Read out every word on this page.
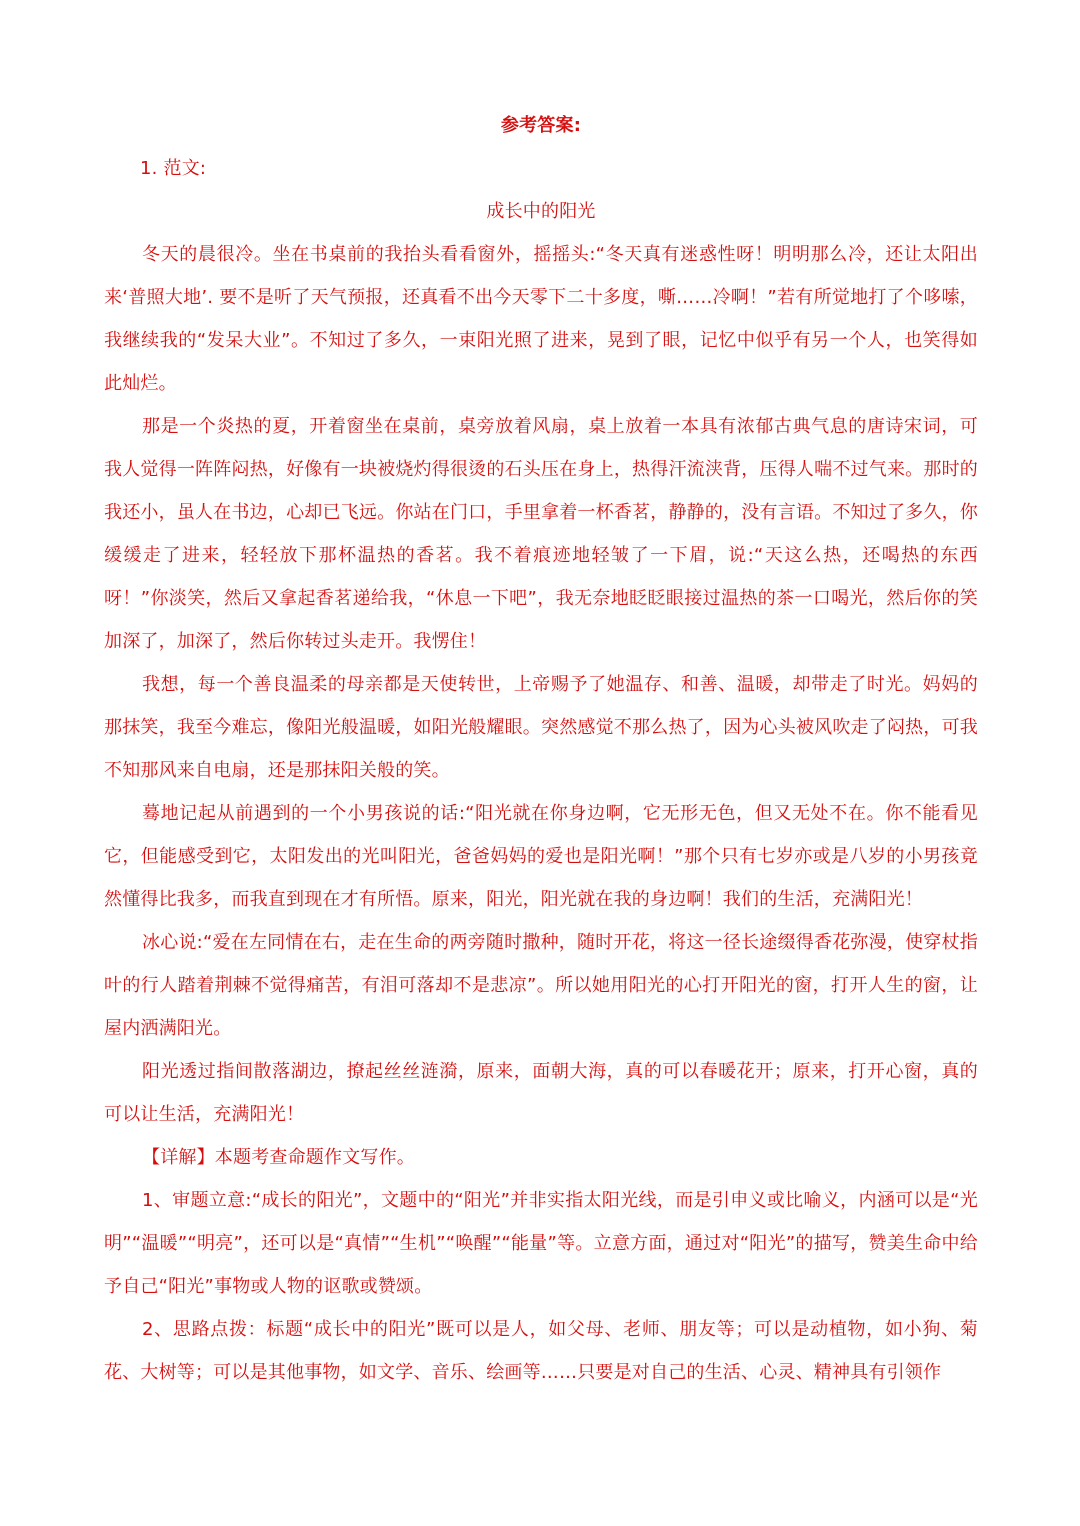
参考答案:

1. 范文:

成长中的阳光

冬天的晨很冷。坐在书桌前的我抬头看看窗外，摇摇头:“冬天真有迷惑性呀！明明那么冷，还让太阳出来‘普照大地’. 要不是听了天气预报，还真看不出今天零下二十多度，嘶……冷啊！”若有所觉地打了个哆嗦，我继续我的“发呆大业”。不知过了多久，一束阳光照了进来，晃到了眼，记忆中似乎有另一个人，也笑得如此灿烂。

那是一个炎热的夏，开着窗坐在桌前，桌旁放着风扇，桌上放着一本具有浓郁古典气息的唐诗宋词，可我人觉得一阵阵闷热，好像有一块被烧灼得很烫的石头压在身上，热得汗流浃背，压得人喘不过气来。那时的我还小，虽人在书边，心却已飞远。你站在门口，手里拿着一杯香茗，静静的，没有言语。不知过了多久，你缓缓走了进来，轻轻放下那杯温热的香茗。我不着痕迹地轻皱了一下眉，说:“天这么热，还喝热的东西呀！”你淡笑，然后又拿起香茗递给我，“休息一下吧”，我无奈地眨眨眼接过温热的茶一口喝光，然后你的笑加深了，加深了，然后你转过头走开。我愣住！

我想，每一个善良温柔的母亲都是天使转世，上帝赐予了她温存、和善、温暖，却带走了时光。妈妈的那抹笑，我至今难忘，像阳光般温暖，如阳光般耀眼。突然感觉不那么热了，因为心头被风吹走了闷热，可我不知那风来自电扇，还是那抹阳关般的笑。

蓦地记起从前遇到的一个小男孩说的话:“阳光就在你身边啊，它无形无色，但又无处不在。你不能看见它，但能感受到它，太阳发出的光叫阳光，爸爸妈妈的爱也是阳光啊！”那个只有七岁亦或是八岁的小男孩竟然懂得比我多，而我直到现在才有所悟。原来，阳光，阳光就在我的身边啊！我们的生活，充满阳光！

冰心说:“爱在左同情在右，走在生命的两旁随时撒种，随时开花，将这一径长途缀得香花弥漫，使穿杖指叶的行人踏着荆棘不觉得痛苦，有泪可落却不是悲凉”。所以她用阳光的心打开阳光的窗，打开人生的窗，让屋内洒满阳光。

阳光透过指间散落湖边，撩起丝丝涟漪，原来，面朝大海，真的可以春暖花开；原来，打开心窗，真的可以让生活，充满阳光！

【详解】本题考查命题作文写作。

1、审题立意:“成长的阳光”，文题中的“阳光”并非实指太阳光线，而是引申义或比喻义，内涵可以是“光明”“温暖”“明亮”，还可以是“真情”“生机”“唤醒”“能量”等。立意方面，通过对“阳光”的描写，赞美生命中给予自己“阳光”事物或人物的讴歌或赞颂。

2、思路点拨：标题“成长中的阳光”既可以是人，如父母、老师、朋友等；可以是动植物，如小狗、菊花、大树等；可以是其他事物，如文学、音乐、绘画等……只要是对自己的生活、心灵、精神具有引领作
